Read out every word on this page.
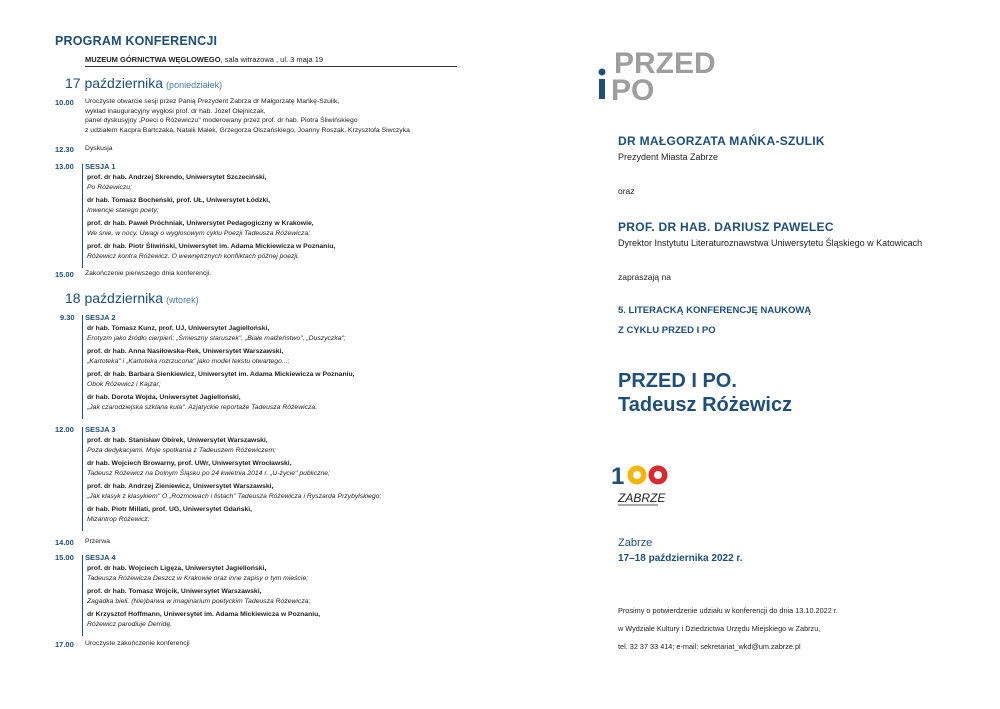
PROGRAM KONFERENCJI
MUZEUM GÓRNICTWA WĘGLOWEGO, sala witrażowa , ul. 3 maja 19
17 października (poniedziałek)
18 października (wtorek)
10.00 Uroczyste otwarcie sesji przez Panią Prezydent Zabrza dr Małgorzatę Mańkę-Szulik,
wykład inauguracyjny wygłosi prof. dr hab. Józef Olejniczak,
panel dyskusyjny „Poeci o Różewiczu" moderowany przez prof. dr hab. Piotra Śliwińskiego
z udziałem Kacpra Bartczaka, Natalii Malek, Grzegorza Olszańskiego, Joanny Roszak, Krzysztofa Siwczyka
12.30 Dyskusja
13.00 SESJA 1
prof. dr hab. Andrzej Skrendo, Uniwersytet Szczeciński,
Po Różewiczu;
dr hab. Tomasz Bocheński, prof. UŁ, Uniwersytet Łódzki,
Inwencje starego poety;
prof. dr hab. Paweł Próchniak, Uniwersytet Pedagogiczny w Krakowie,
We śnie, w nocy. Uwagi o wyglosowym cyklu Poezji Tadeusza Różewicza;
prof. dr hab. Piotr Śliwiński, Uniwersytet im. Adama Mickiewicza w Poznaniu,
Różewicz kontra Różewicz. O wewnętrznych konfliktach późnej poezji.
15.00 Zakończenie pierwszego dnia konferencji.
9.30 SESJA 2
dr hab. Tomasz Kunz, prof. UJ, Uniwersytet Jagielloński,
Erotyzm jako źródło cierpień: „Śmieszny staruszek", „Białe małżeństwo", „Duszyczka";
prof. dr hab. Anna Nasiłowska-Rek, Uniwersytet Warszawski,
„Kartoteka" i „Kartoteka rozrzucona" jako model tekstu otwartego...;
prof. dr hab. Barbara Sienkiewicz, Uniwersytet im. Adama Mickiewicza w Poznaniu,
Obok Różewicz i Kajzar;
dr hab. Dorota Wojda, Uniwersytet Jagielloński,
„Jak czarodziejska szklana kula". Azjatyckie reportaże Tadeusza Różewicza.
12.00 SESJA 3
prof. dr hab. Stanisław Obirek, Uniwersytet Warszawski,
Poza dedykacjami. Moje spotkania z Tadeuszem Różewiczem;
dr hab. Wojciech Browarny, prof. UWr, Uniwersytet Wrocławski,
Tadeusz Różewicz na Dolnym Śląsku po 24 kwietnia 2014 r. „U-życie" publiczne;
prof. dr hab. Andrzej Zieniewicz, Uniwersytet Warszawski,
„Jak klasyk z klasykiem" O „Rozmowach i listach" Tadeusza Różewicza i Ryszarda Przybylskiego;
dr hab. Piotr Millati, prof. UG, Uniwersytet Gdański,
Mizantrop Różewicz.
14.00 Przerwa
15.00 SESJA 4
prof. dr hab. Wojciech Ligęza, Uniwersytet Jagielloński,
Tadeusza Różewicza Deszcz w Krakowie oraz inne zapisy o tym mieście;
prof. dr hab. Tomasz Wójcik, Uniwersytet Warszawski,
Zagadka bieli. (Nie)barwa w imaginarium poetyckim Tadeusza Różewicza;
dr Krzysztof Hoffmann, Uniwersytet im. Adama Mickiewicza w Poznaniu,
Różewicz parodiuje Derridę.
17.00 Uroczyste zakończenie konferencji
PRZED
PO
DR MAŁGORZATA MAŃKA-SZULIK
Prezydent Miasta Zabrze
oraz
PROF. DR HAB. DARIUSZ PAWELEC
Dyrektor Instytutu Literaturoznawstwa Uniwersytetu Śląskiego w Katowicach
zapraszają na
5. LITERACKĄ KONFERENCJĘ NAUKOWĄ
Z CYKLU PRZED I PO
PRZED I PO.
Tadeusz Różewicz
1
ZABRZE
Zabrze
17–18 października 2022 r.
Prosimy o potwierdzenie udziału w konferencji do dnia 13.10.2022 r.
w Wydziale Kultury i Dziedzictwa Urzędu Miejskiego w Zabrzu,
tel. 32 37 33 414; e-mail: sekretariat_wkd@um.zabrze.pl
